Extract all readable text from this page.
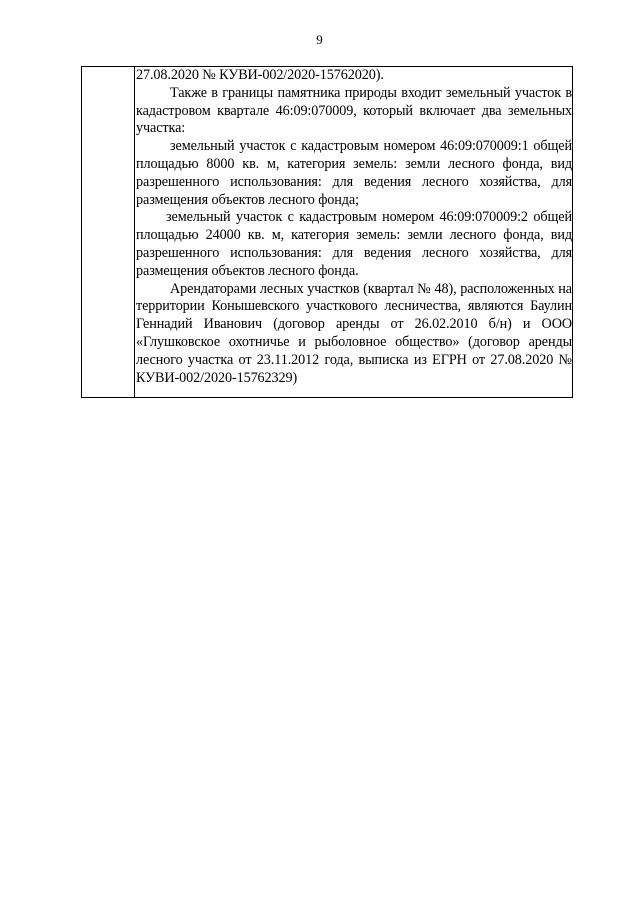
9

27.08.2020 № КУВИ-002/2020-15762020).

Также в границы памятника природы входит земельный участок в кадастровом квартале 46:09:070009, который включает два земельных участка:

земельный участок с кадастровым номером 46:09:070009:1 общей площадью 8000 кв. м, категория земель: земли лесного фонда, вид разрешенного использования: для ведения лесного хозяйства, для размещения объектов лесного фонда;

земельный участок с кадастровым номером 46:09:070009:2 общей площадью 24000 кв. м, категория земель: земли лесного фонда, вид разрешенного использования: для ведения лесного хозяйства, для размещения объектов лесного фонда.

Арендаторами лесных участков (квартал № 48), расположенных на территории Конышевского участкового лесничества, являются Баулин Геннадий Иванович (договор аренды от 26.02.2010 б/н) и ООО «Глушковское охотничье и рыболовное общество» (договор аренды лесного участка от 23.11.2012 года, выписка из ЕГРН от 27.08.2020 № КУВИ-002/2020-15762329)
